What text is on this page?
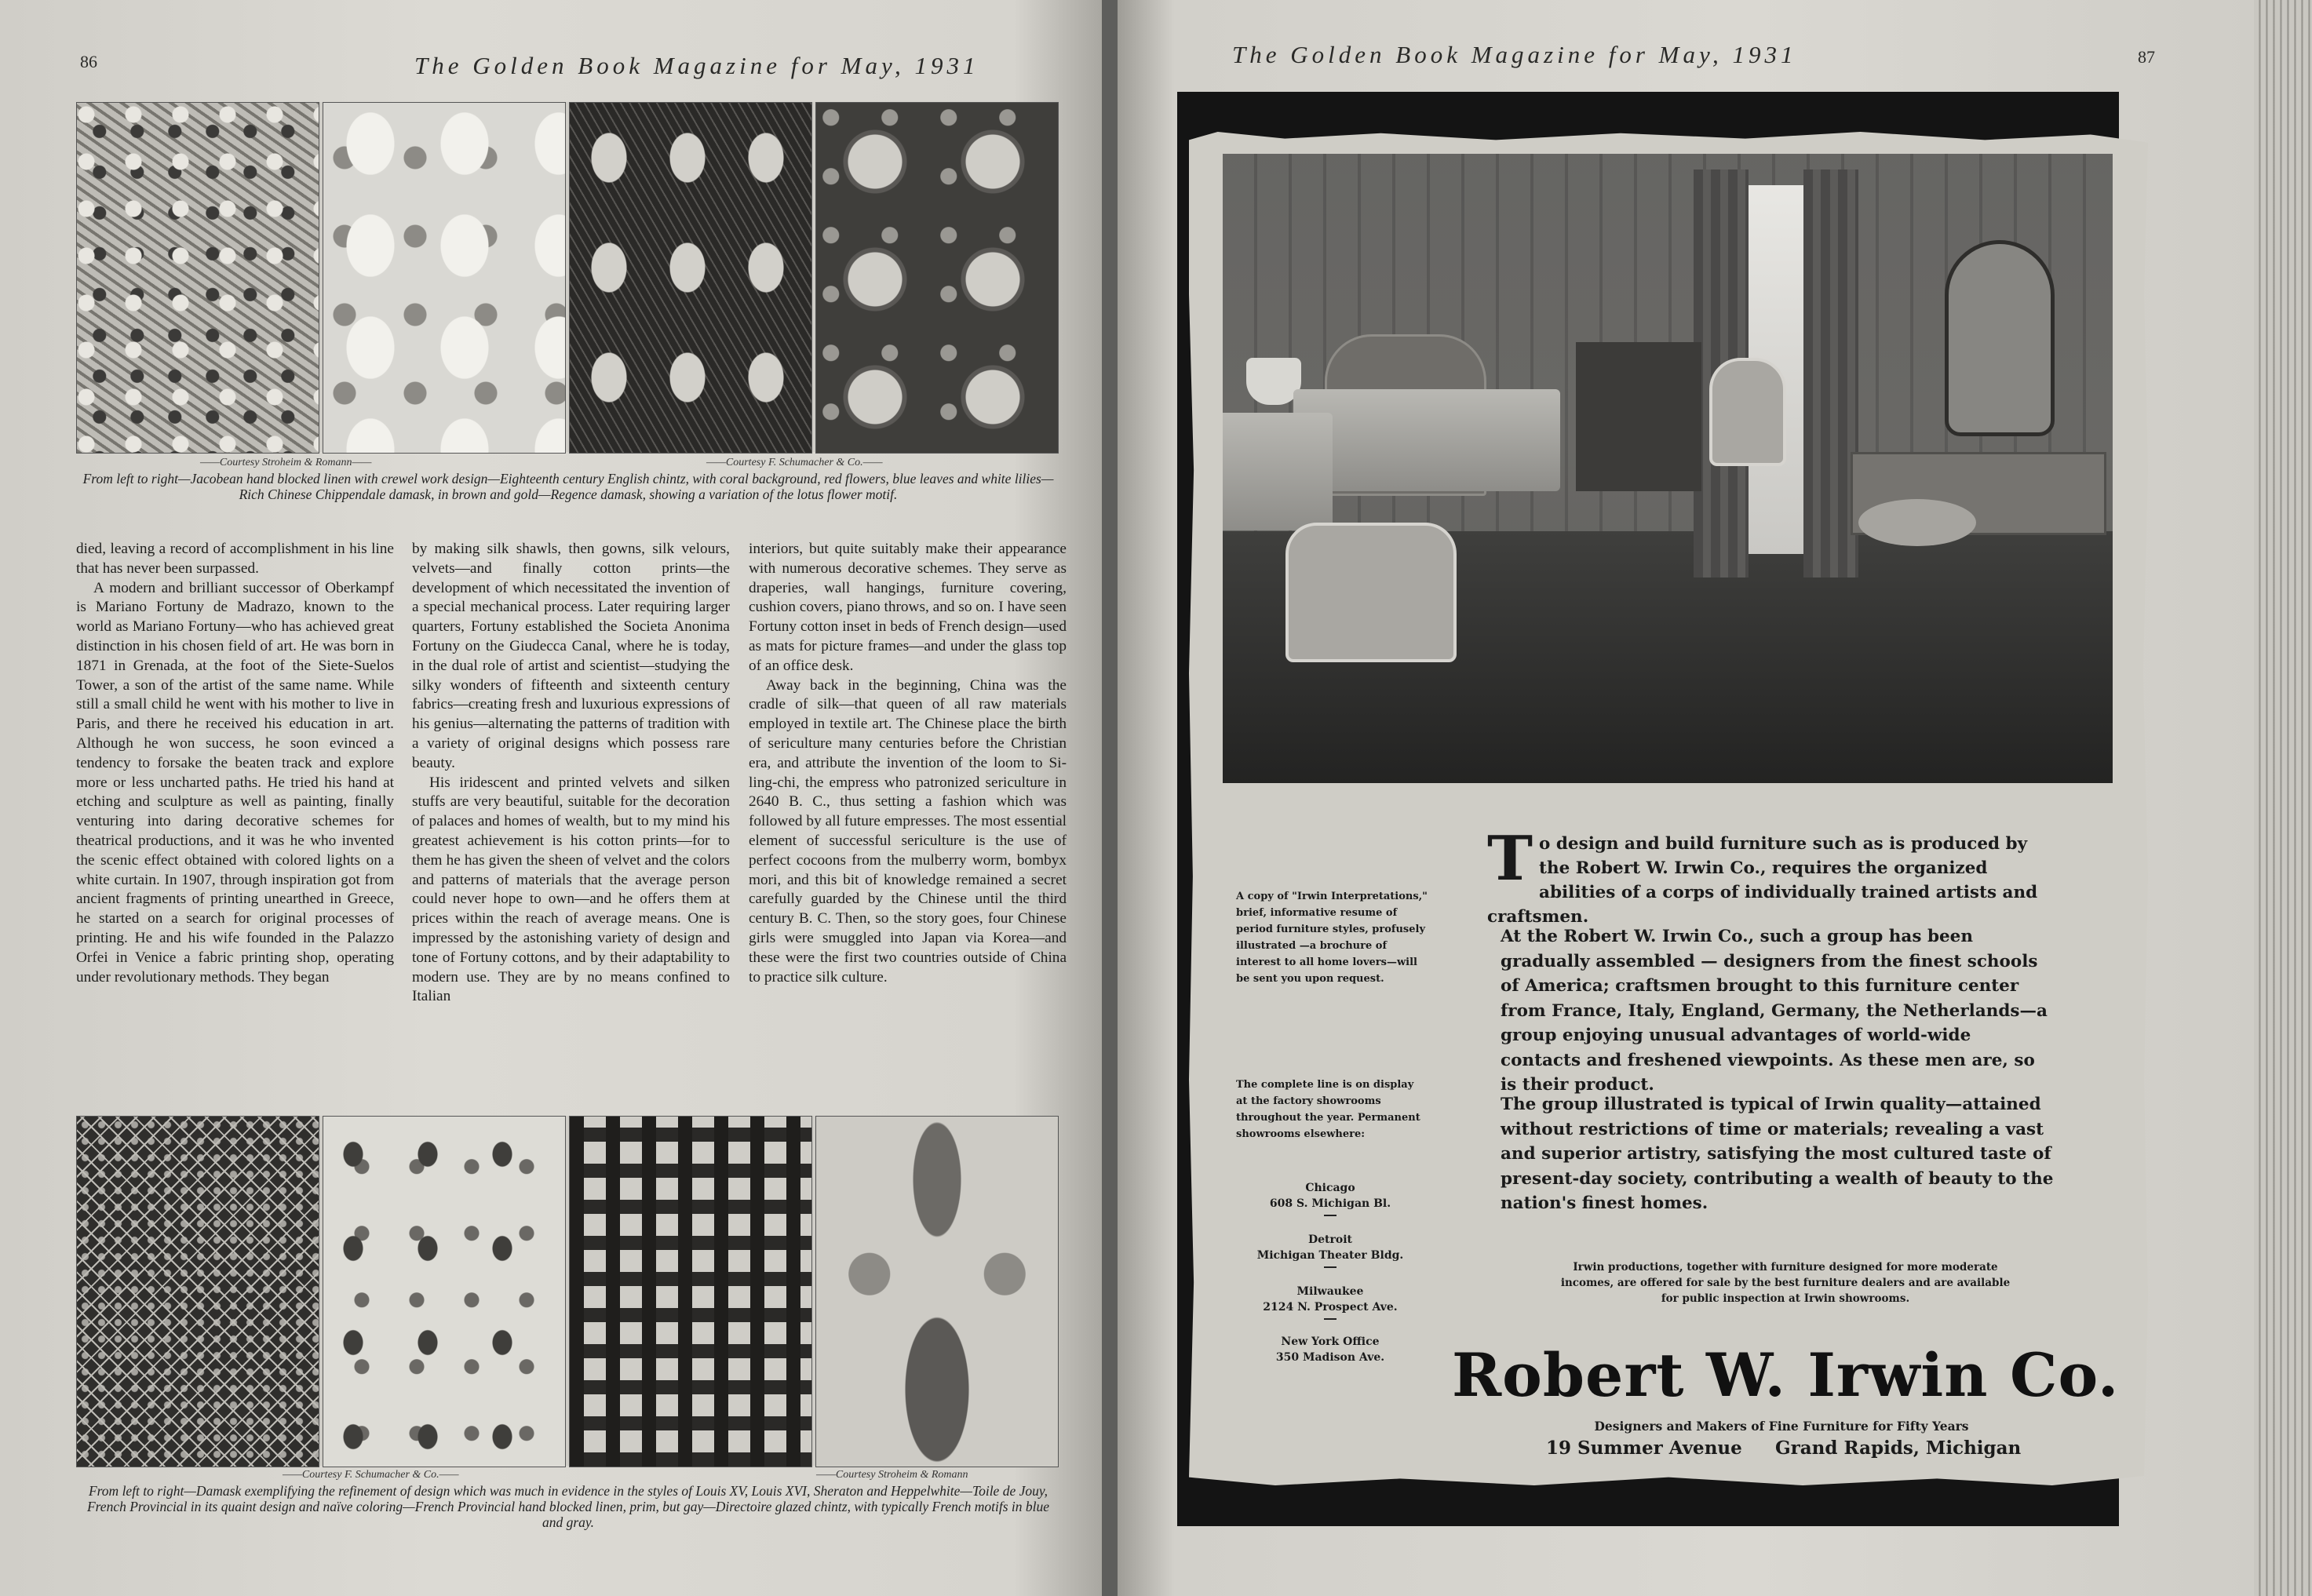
86	The Golden Book Magazine for May, 1931
——Courtesy Stroheim & Romann——	——Courtesy F. Schumacher & Co.——
From left to right—Jacobean hand blocked linen with crewel work design—Eighteenth century English chintz, with coral background, red flowers, blue leaves and white lilies—Rich Chinese Chippendale damask, in brown and gold—Regence damask, showing a variation of the lotus flower motif.

died, leaving a record of accomplishment in his line that has never been surpassed.

A modern and brilliant successor of Oberkampf is Mariano Fortuny de Madrazo, known to the world as Mariano Fortuny—who has achieved great distinction in his chosen field of art. He was born in 1871 in Grenada, at the foot of the Siete-Suelos Tower, a son of the artist of the same name. While still a small child he went with his mother to live in Paris, and there he received his education in art. Although he won success, he soon evinced a tendency to forsake the beaten track and explore more or less uncharted paths. He tried his hand at etching and sculpture as well as painting, finally venturing into daring decorative schemes for theatrical productions, and it was he who invented the scenic effect obtained with colored lights on a white curtain. In 1907, through inspiration got from ancient fragments of printing unearthed in Greece, he started on a search for original processes of printing. He and his wife founded in the Palazzo Orfei in Venice a fabric printing shop, operating under revolutionary methods. They began

by making silk shawls, then gowns, silk velours, velvets—and finally cotton prints—the development of which necessitated the invention of a special mechanical process. Later requiring larger quarters, Fortuny established the Societa Anonima Fortuny on the Giudecca Canal, where he is today, in the dual role of artist and scientist—studying the silky wonders of fifteenth and sixteenth century fabrics—creating fresh and luxurious expressions of his genius—alternating the patterns of tradition with a variety of original designs which possess rare beauty.

His iridescent and printed velvets and silken stuffs are very beautiful, suitable for the decoration of palaces and homes of wealth, but to my mind his greatest achievement is his cotton prints—for to them he has given the sheen of velvet and the colors and patterns of materials that the average person could never hope to own—and he offers them at prices within the reach of average means. One is impressed by the astonishing variety of design and tone of Fortuny cottons, and by their adaptability to modern use. They are by no means confined to Italian

interiors, but quite suitably make their appearance with numerous decorative schemes. They serve as draperies, wall hangings, furniture covering, cushion covers, piano throws, and so on. I have seen Fortuny cotton inset in beds of French design—used as mats for picture frames—and under the glass top of an office desk.

Away back in the beginning, China was the cradle of silk—that queen of all raw materials employed in textile art. The Chinese place the birth of sericulture many centuries before the Christian era, and attribute the invention of the loom to Si-ling-chi, the empress who patronized sericulture in 2640 B. C., thus setting a fashion which was followed by all future empresses. The most essential element of successful sericulture is the use of perfect cocoons from the mulberry worm, bombyx mori, and this bit of knowledge remained a secret carefully guarded by the Chinese until the third century B. C. Then, so the story goes, four Chinese girls were smuggled into Japan via Korea—and these were the first two countries outside of China to practice silk culture.

——Courtesy F. Schumacher & Co.——	——Courtesy Stroheim & Romann
From left to right—Damask exemplifying the refinement of design which was much in evidence in the styles of Louis XV, Louis XVI, Sheraton and Heppelwhite—Toile de Jouy, French Provincial in its quaint design and naïve coloring—French Provincial hand blocked linen, prim, but gay—Directoire glazed chintz, with typically French motifs in blue and gray.
The Golden Book Magazine for May, 1931	87
To design and build furniture such as is produced by the Robert W. Irwin Co., requires the organized abilities of a corps of individually trained artists and craftsmen.
At the Robert W. Irwin Co., such a group has been gradually assembled — designers from the finest schools of America; craftsmen brought to this furniture center from France, Italy, England, Germany, the Netherlands—a group enjoying unusual advantages of world-wide contacts and freshened viewpoints. As these men are, so is their product.
The group illustrated is typical of Irwin quality—attained without restrictions of time or materials; revealing a vast and superior artistry, satisfying the most cultured taste of present-day society, contributing a wealth of beauty to the nation's finest homes.
Irwin productions, together with furniture designed for more moderate incomes, are offered for sale by the best furniture dealers and are available for public inspection at Irwin showrooms.
A copy of "Irwin Interpretations," brief, informative resume of period furniture styles, profusely illustrated —a brochure of interest to all home lovers—will be sent you upon request.
The complete line is on display at the factory showrooms throughout the year. Permanent showrooms elsewhere:
Chicago
608 S. Michigan Bl.
Detroit
Michigan Theater Bldg.
Milwaukee
2124 N. Prospect Ave.
New York Office
350 Madison Ave.	Robert W. Irwin Co.
Designers and Makers of Fine Furniture for Fifty Years
19 Summer Avenue Grand Rapids, Michigan
